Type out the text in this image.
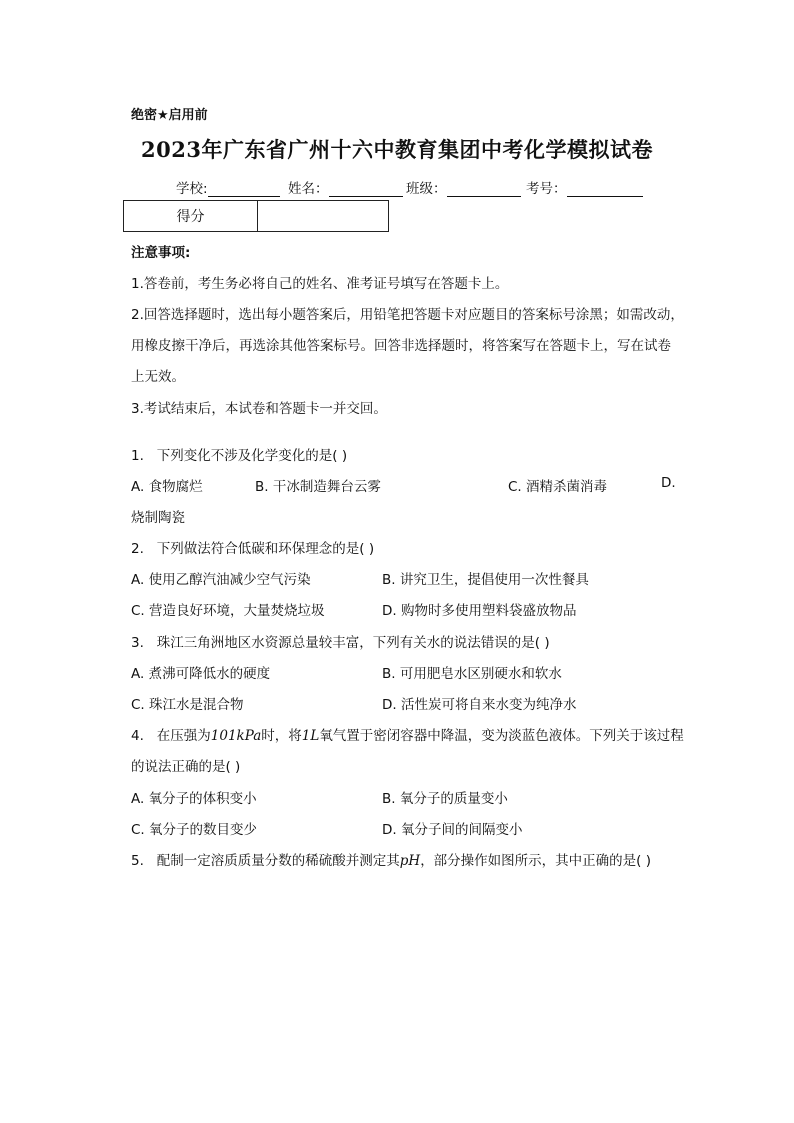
绝密★启用前
2023年广东省广州十六中教育集团中考化学模拟试卷
学校:	姓名：	班级：	考号：
得分	
注意事项:
1.答卷前，考生务必将自己的姓名、准考证号填写在答题卡上。
2.回答选择题时，选出每小题答案后，用铅笔把答题卡对应题目的答案标号涂黑；如需改动，
用橡皮擦干净后，再选涂其他答案标号。回答非选择题时，将答案写在答题卡上，写在试卷
上无效。
3.考试结束后，本试卷和答题卡一并交回。
1. 下列变化不涉及化学变化的是( )
A. 食物腐烂	B. 干冰制造舞台云雾	C. 酒精杀菌消毒	D.
烧制陶瓷
2. 下列做法符合低碳和环保理念的是( )
A. 使用乙醇汽油减少空气污染	B. 讲究卫生，提倡使用一次性餐具
C. 营造良好环境，大量焚烧垃圾	D. 购物时多使用塑料袋盛放物品
3. 珠江三角洲地区水资源总量较丰富，下列有关水的说法错误的是( )
A. 煮沸可降低水的硬度	B. 可用肥皂水区别硬水和软水
C. 珠江水是混合物	D. 活性炭可将自来水变为纯净水
4. 在压强为101kPa时，将1L氧气置于密闭容器中降温，变为淡蓝色液体。下列关于该过程
的说法正确的是( )
A. 氧分子的体积变小	B. 氧分子的质量变小
C. 氧分子的数目变少	D. 氧分子间的间隔变小
5. 配制一定溶质质量分数的稀硫酸并测定其pH，部分操作如图所示，其中正确的是( )
